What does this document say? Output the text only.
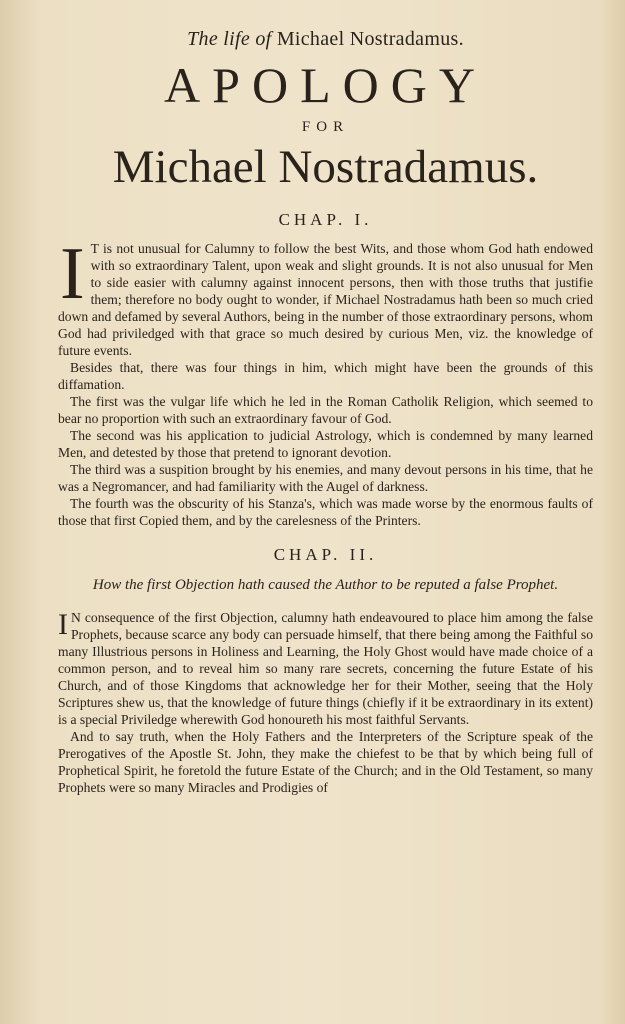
The life of Michael Nostradamus.
APOLOGY
FOR
Michael Nostradamus.
CHAP. I.

I T is not unusual for Calumny to follow the best Wits, and those whom God hath endowed with so extraordinary Talent, upon weak and slight grounds. It is not also unusual for Men to side easier with calumny against innocent persons, then with those truths that justifie them; therefore no body ought to wonder, if Michael Nostradamus hath been so much cried down and defamed by several Authors, being in the number of those extraordinary persons, whom God had priviledged with that grace so much desired by curious Men, viz. the knowledge of future events.

Besides that, there was four things in him, which might have been the grounds of this diffamation.

The first was the vulgar life which he led in the Roman Catholik Religion, which seemed to bear no proportion with such an extraordinary favour of God.

The second was his application to judicial Astrology, which is condemned by many learned Men, and detested by those that pretend to ignorant devotion.

The third was a suspition brought by his enemies, and many devout persons in his time, that he was a Negromancer, and had familiarity with the Augel of darkness.

The fourth was the obscurity of his Stanza's, which was made worse by the enormous faults of those that first Copied them, and by the carelesness of the Printers.

CHAP. II.
How the first Objection hath caused the Author to be reputed a false Prophet.

I N consequence of the first Objection, calumny hath endeavoured to place him among the false Prophets, because scarce any body can persuade himself, that there being among the Faithful so many Illustrious persons in Holiness and Learning, the Holy Ghost would have made choice of a common person, and to reveal him so many rare secrets, concerning the future Estate of his Church, and of those Kingdoms that acknowledge her for their Mother, seeing that the Holy Scriptures shew us, that the knowledge of future things (chiefly if it be extraordinary in its extent) is a special Priviledge wherewith God honoureth his most faithful Servants.

And to say truth, when the Holy Fathers and the Interpreters of the Scripture speak of the Prerogatives of the Apostle St. John, they make the chiefest to be that by which being full of Prophetical Spirit, he foretold the future Estate of the Church; and in the Old Testament, so many Prophets were so many Miracles and Prodigies of
